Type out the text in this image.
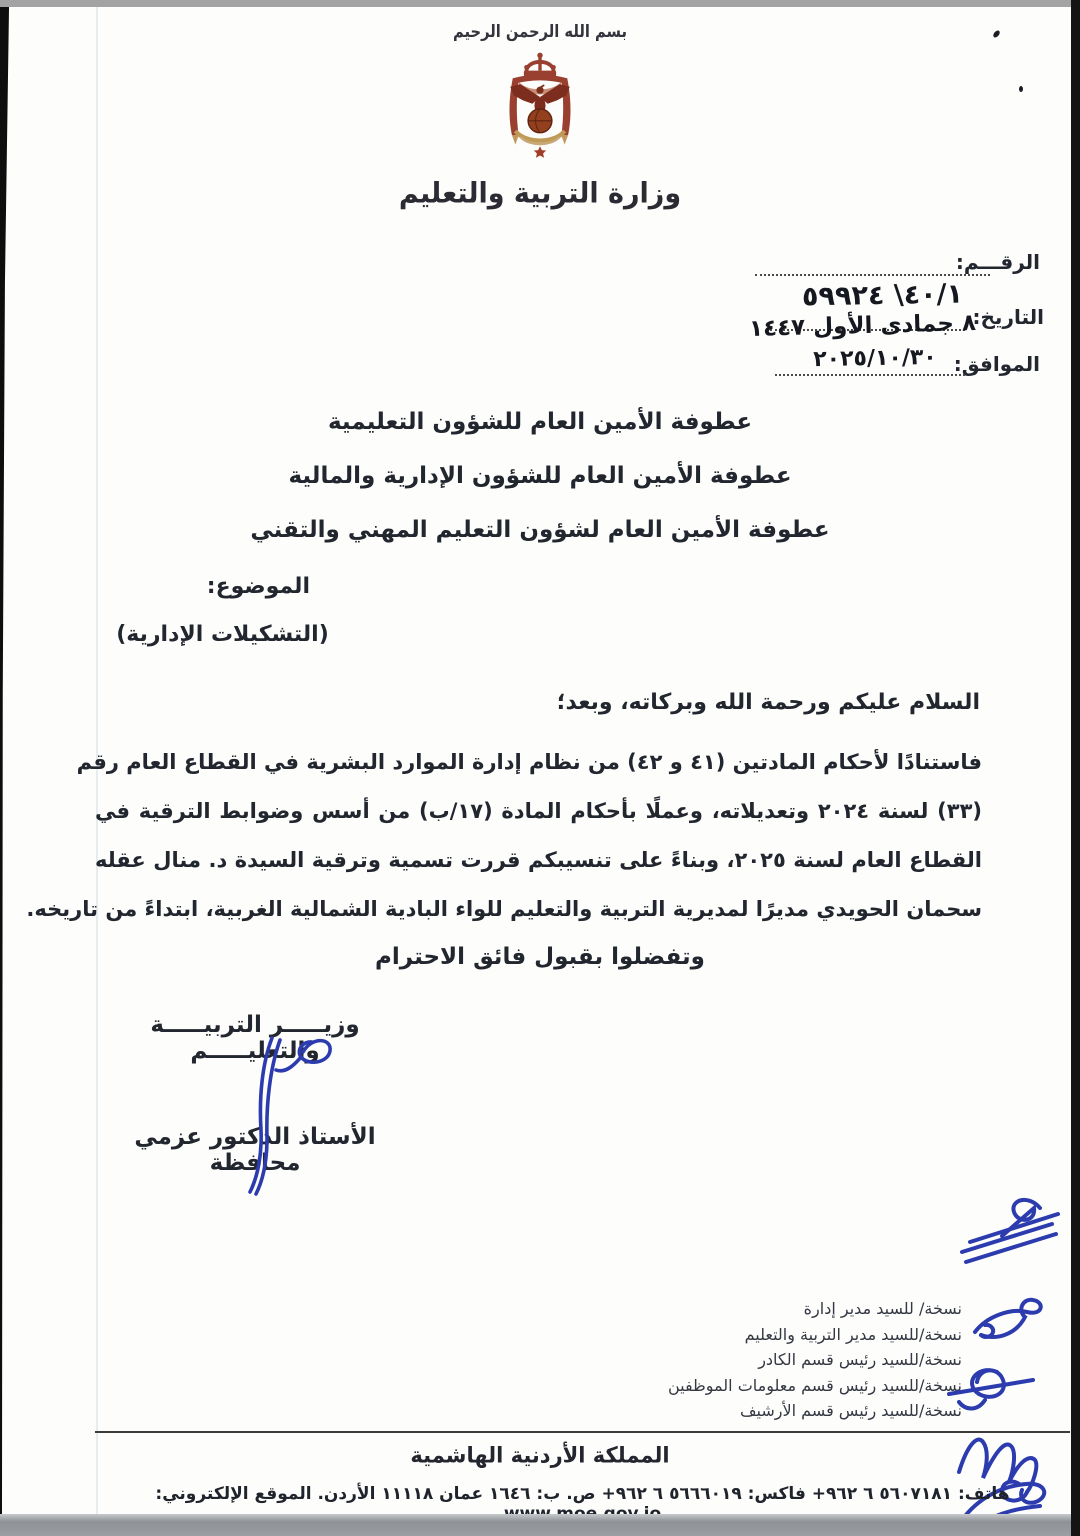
بسم الله الرحمن الرحيم
وزارة التربية والتعليم
الرقـــم:
٥٩٩٢٤ \٤٠/١
التاريخ:
٨ جمادى الأول ١٤٤٧
الموافق:
٢٠٢٥/١٠/٣٠
عطوفة الأمين العام للشؤون التعليمية
عطوفة الأمين العام للشؤون الإدارية والمالية
عطوفة الأمين العام لشؤون التعليم المهني والتقني
الموضوع:
(التشكيلات الإدارية)
السلام عليكم ورحمة الله وبركاته، وبعد؛
فاستنادًا لأحكام المادتين (٤١ و ٤٢) من نظام إدارة الموارد البشرية في القطاع العام رقم
(٣٣) لسنة ٢٠٢٤ وتعديلاته، وعملًا بأحكام المادة (١٧/ب) من أسس وضوابط الترقية في
القطاع العام لسنة ٢٠٢٥، وبناءً على تنسيبكم قررت تسمية وترقية السيدة د. منال عقله
سحمان الحويدي مديرًا لمديرية التربية والتعليم للواء البادية الشمالية الغربية، ابتداءً من تاريخه.
وتفضلوا بقبول فائق الاحترام
وزيـــــر التربيـــــة والتعليـــــم
الأستاذ الدكتور عزمي محافظة
نسخة/ للسيد مدير إدارة
نسخة/للسيد مدير التربية والتعليم
نسخة/للسيد رئيس قسم الكادر
نسخة/للسيد رئيس قسم معلومات الموظفين
نسخة/للسيد رئيس قسم الأرشيف
المملكة الأردنية الهاشمية
هاتف: ٥٦٠٧١٨١ ٦ ٩٦٢+ فاكس: ٥٦٦٦٠١٩ ٦ ٩٦٢+ ص. ب: ١٦٤٦ عمان ١١١١٨ الأردن. الموقع الإلكتروني:
